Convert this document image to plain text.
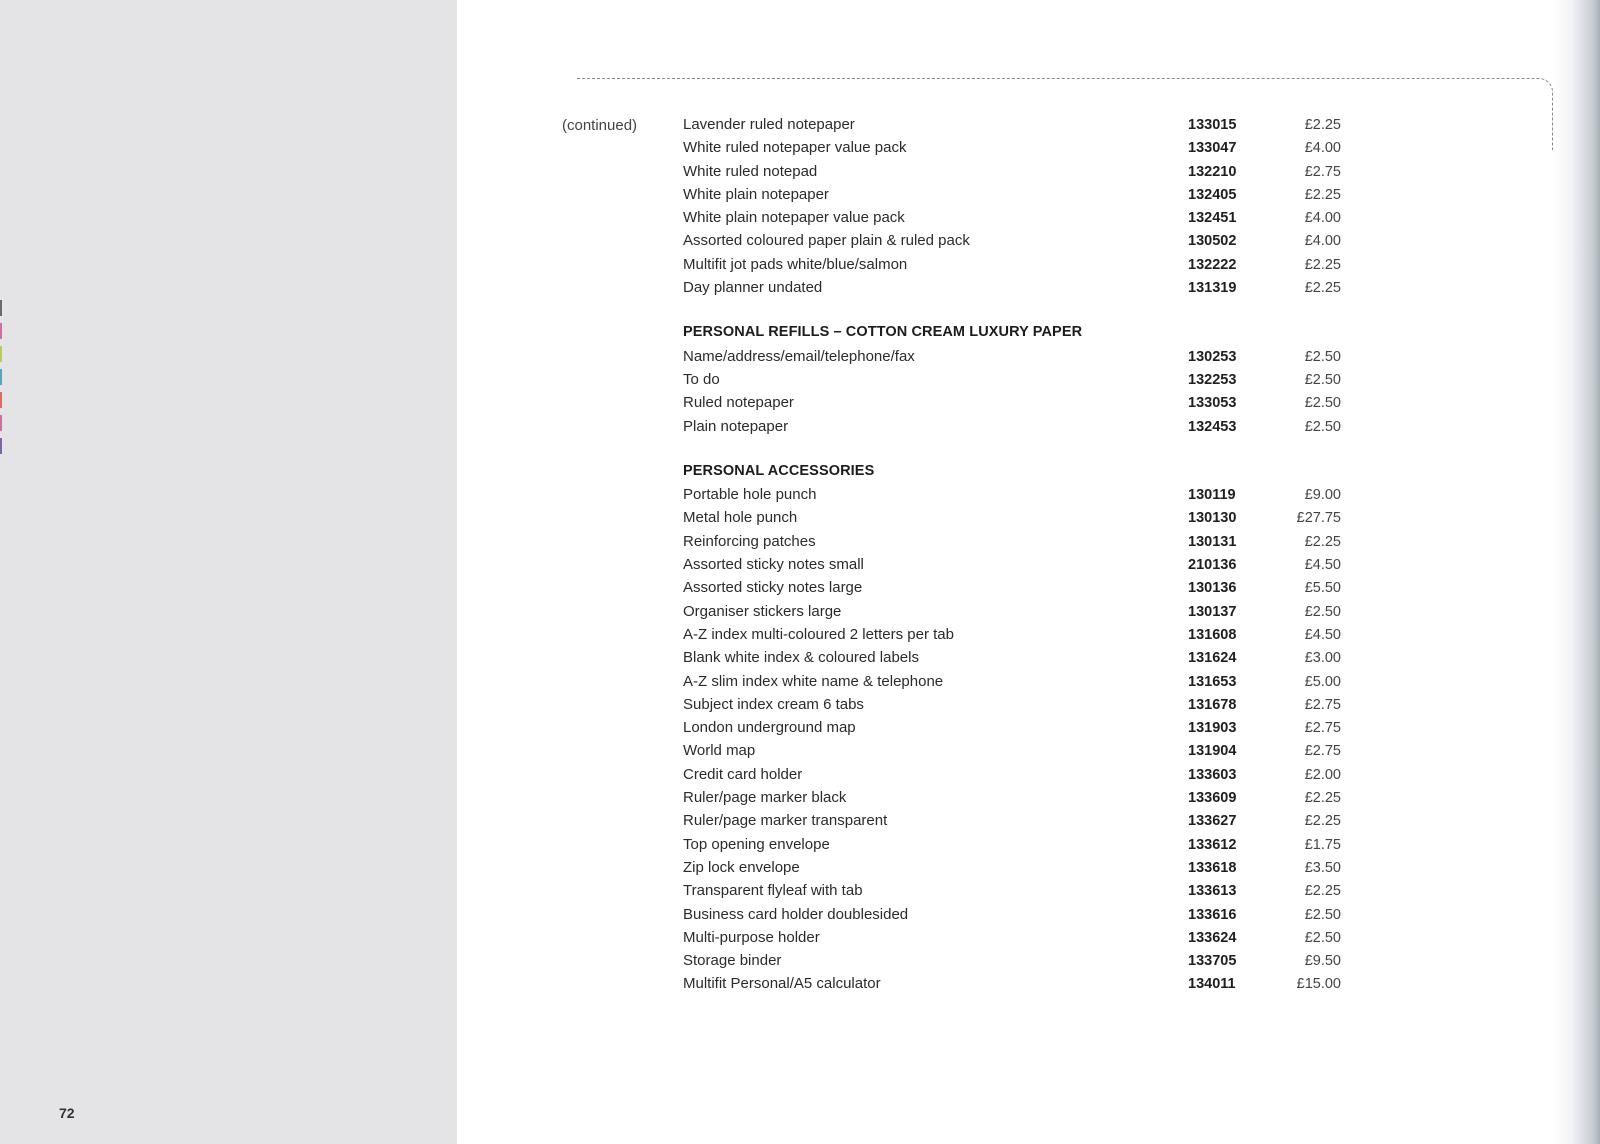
72
(continued)	Lavender ruled notepaper	133015	£2.25
White ruled notepaper value pack	133047	£4.00
White ruled notepad	132210	£2.75
White plain notepaper	132405	£2.25
White plain notepaper value pack	132451	£4.00
Assorted coloured paper plain & ruled pack	130502	£4.00
Multifit jot pads white/blue/salmon	132222	£2.25
Day planner undated	131319	£2.25
PERSONAL REFILLS – COTTON CREAM LUXURY PAPER
Name/address/email/telephone/fax	130253	£2.50
To do	132253	£2.50
Ruled notepaper	133053	£2.50
Plain notepaper	132453	£2.50
PERSONAL ACCESSORIES
Portable hole punch	130119	£9.00
Metal hole punch	130130	£27.75
Reinforcing patches	130131	£2.25
Assorted sticky notes small	210136	£4.50
Assorted sticky notes large	130136	£5.50
Organiser stickers large	130137	£2.50
A-Z index multi-coloured 2 letters per tab	131608	£4.50
Blank white index & coloured labels	131624	£3.00
A-Z slim index white name & telephone	131653	£5.00
Subject index cream 6 tabs	131678	£2.75
London underground map	131903	£2.75
World map	131904	£2.75
Credit card holder	133603	£2.00
Ruler/page marker black	133609	£2.25
Ruler/page marker transparent	133627	£2.25
Top opening envelope	133612	£1.75
Zip lock envelope	133618	£3.50
Transparent flyleaf with tab	133613	£2.25
Business card holder doublesided	133616	£2.50
Multi-purpose holder	133624	£2.50
Storage binder	133705	£9.50
Multifit Personal/A5 calculator	134011	£15.00
